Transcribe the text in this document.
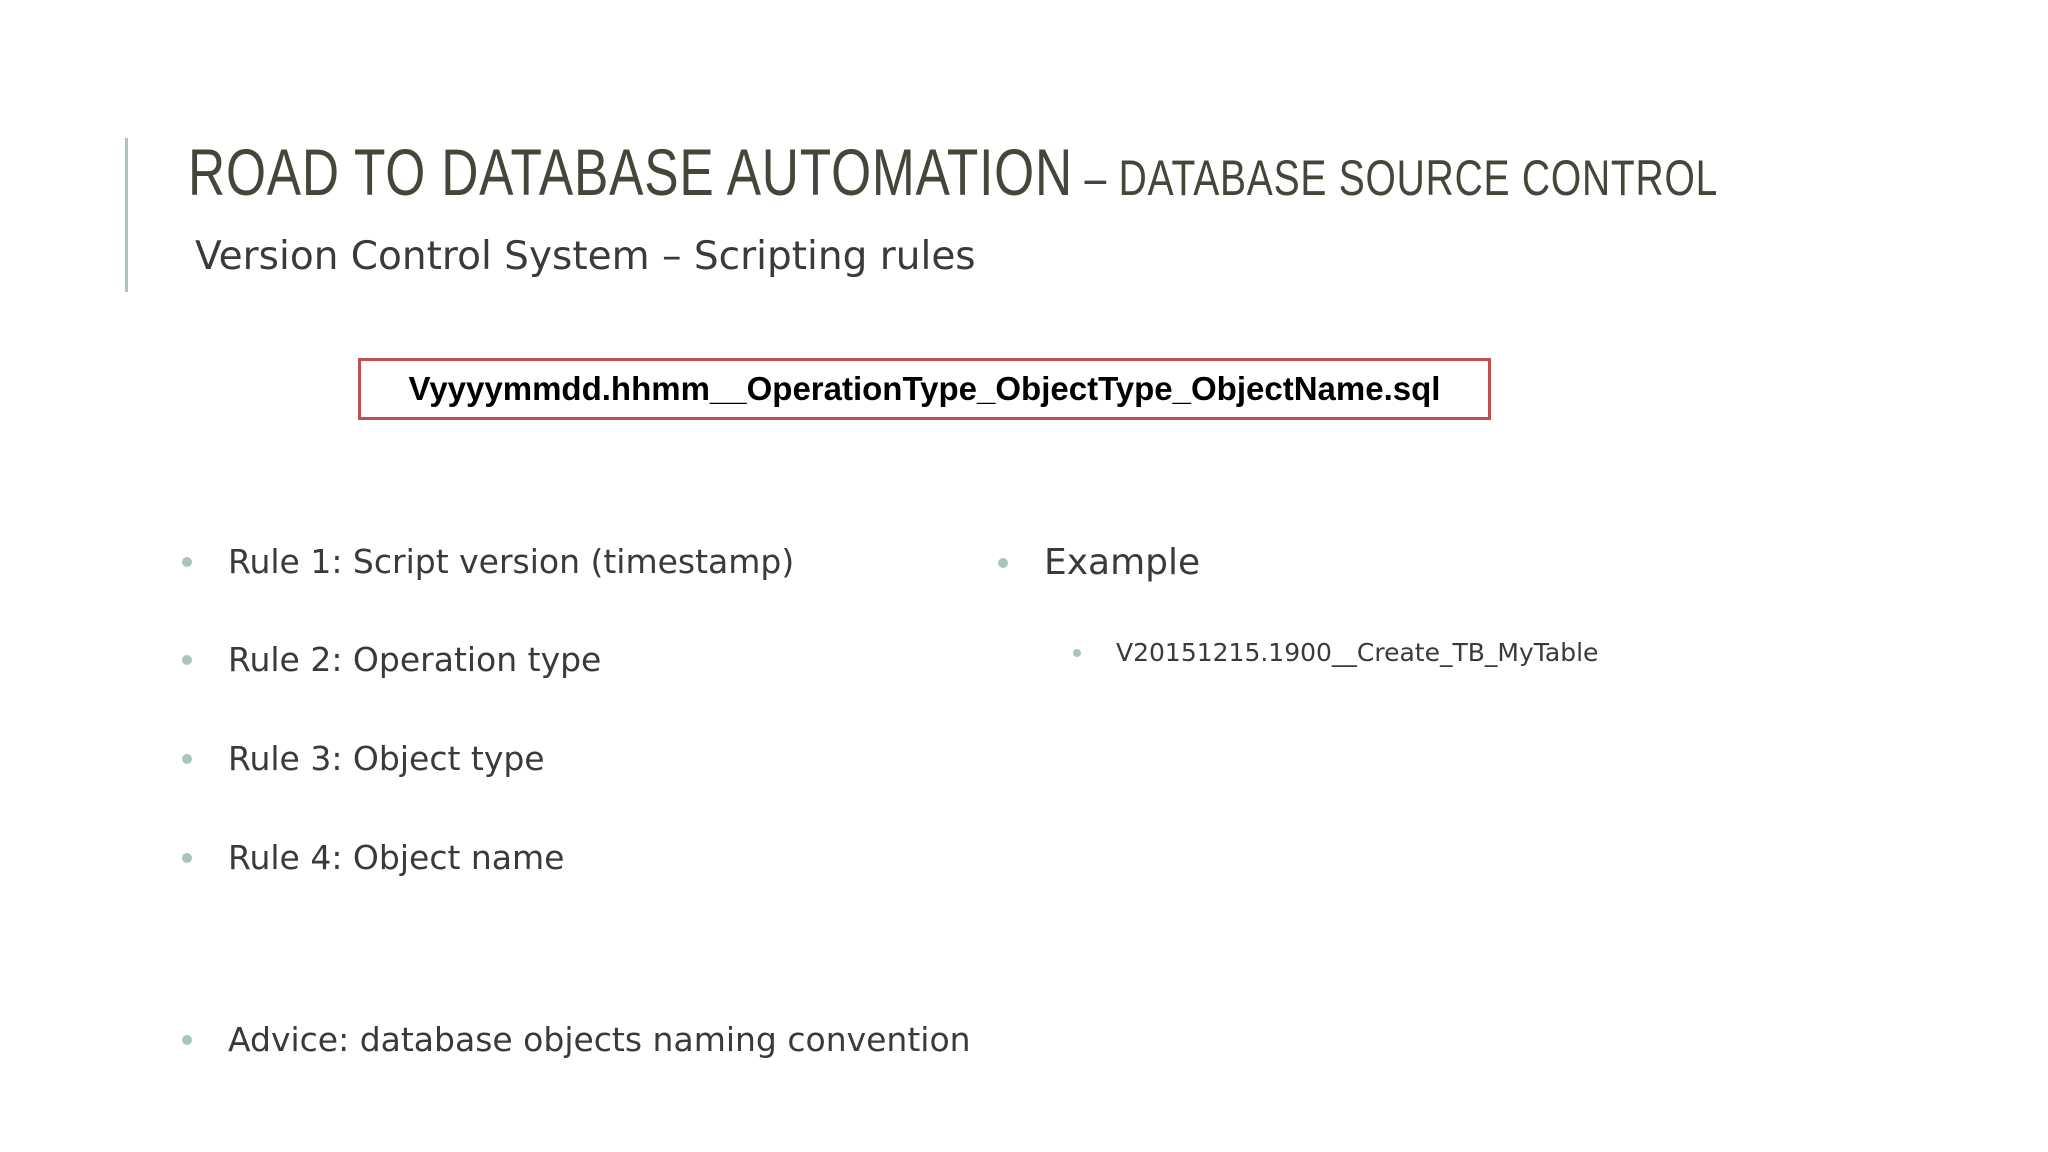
ROAD TO DATABASE AUTOMATION – DATABASE SOURCE CONTROL
Version Control System – Scripting rules
Vyyyymmdd.hhmm__OperationType_ObjectType_ObjectName.sql
Rule 1: Script version (timestamp)
Rule 2: Operation type
Rule 3: Object type
Rule 4: Object name
Advice: database objects naming convention
Example
V20151215.1900__Create_TB_MyTable
